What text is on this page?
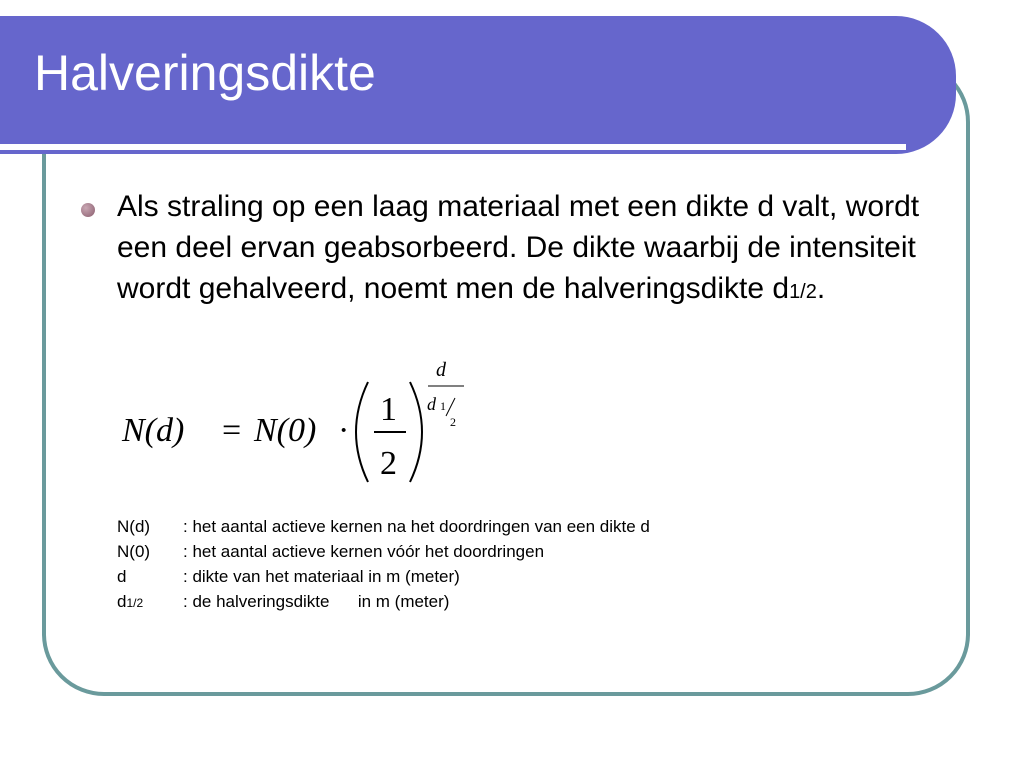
Halveringsdikte
Als straling op een laag materiaal met een dikte d valt, wordt een deel ervan geabsorbeerd. De dikte waarbij de intensiteit wordt gehalveerd, noemt men de halveringsdikte d1/2.
N(d) = N(0) ·
1
2
d
d 1
2
N(d)	: het aantal actieve kernen na het doordringen van een dikte d
N(0)	: het aantal actieve kernen vóór het doordringen
d	: dikte van het materiaal in m (meter)
d1/2	: de halveringsdikte      in m (meter)
